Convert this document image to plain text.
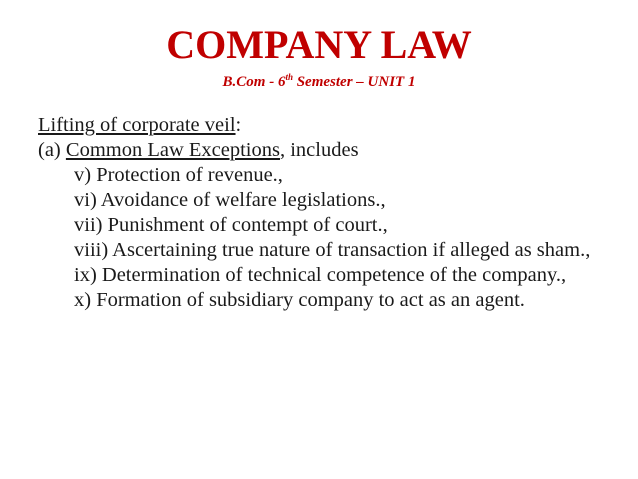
COMPANY LAW
B.Com - 6th Semester – UNIT 1

Lifting of corporate veil:

(a) Common Law Exceptions, includes

v) Protection of revenue.,

vi) Avoidance of welfare legislations.,

vii) Punishment of contempt of court.,

viii) Ascertaining true nature of transaction if alleged as sham.,

ix) Determination of technical competence of the company.,

x) Formation of subsidiary company to act as an agent.
